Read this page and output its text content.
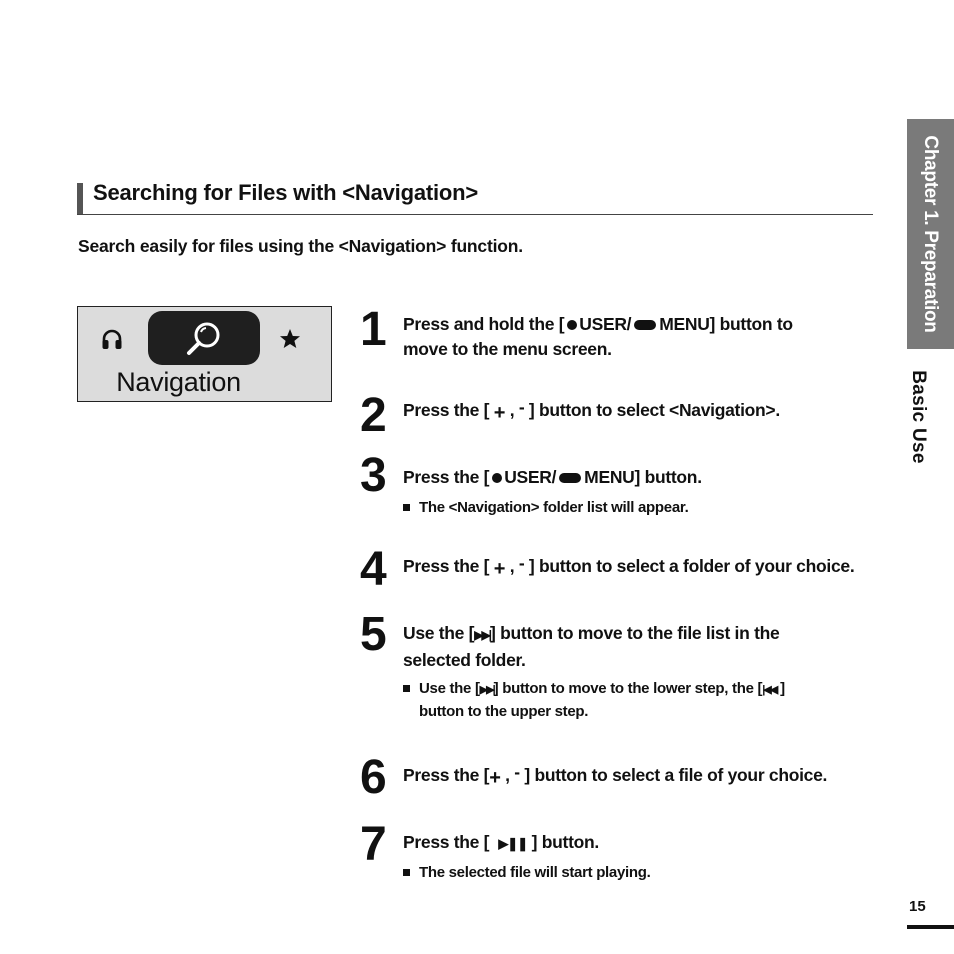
Searching for Files with <Navigation>
Search easily for files using the <Navigation> function.
Navigation
1 Press and hold the [ USER/ MENU] button to
move to the menu screen.
2 Press the [ + , - ] button to select <Navigation>.
3 Press the [ USER/ MENU] button.
The <Navigation> folder list will appear.
4 Press the [ + , - ] button to select a folder of your choice.
5 Use the [▶▶|] button to move to the file list in the
selected folder.
Use the [▶▶|] button to move to the lower step, the [|◀◀ ]
button to the upper step.
6 Press the [+ , - ] button to select a file of your choice.
7 Press the [ ▶❚❚ ] button.
The selected file will start playing.
Chapter 1. Preparation
Basic Use
15
